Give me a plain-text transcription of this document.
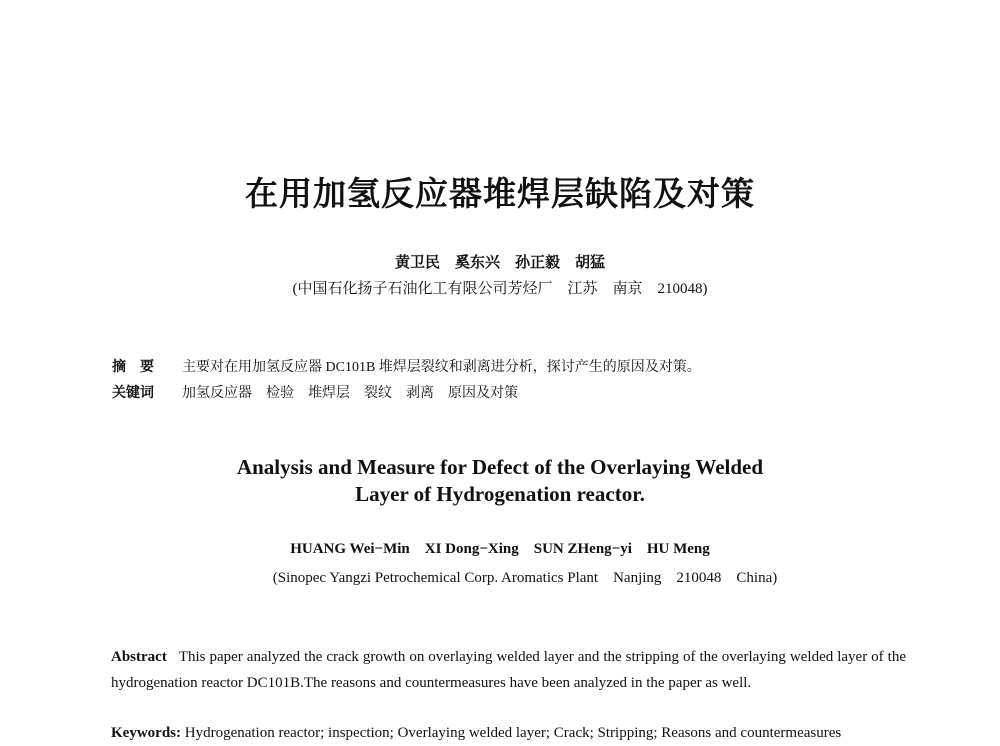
在用加氢反应器堆焊层缺陷及对策
黄卫民　奚东兴　孙正毅　胡猛
(中国石化扬子石油化工有限公司芳烃厂　江苏　南京　210048)
摘　要 主要对在用加氢反应器 DC101B 堆焊层裂纹和剥离进分析，探讨产生的原因及对策。
关键词 加氢反应器　检验　堆焊层　裂纹　剥离　原因及对策
Analysis and Measure for Defect of the Overlaying Welded
Layer of Hydrogenation reactor.
HUANG Wei−Min　XI Dong−Xing　SUN ZHeng−yi　HU Meng
(Sinopec Yangzi Petrochemical Corp. Aromatics Plant　Nanjing　210048　China)
Abstract This paper analyzed the crack growth on overlaying welded layer and the stripping of the overlaying welded layer of the hydrogenation reactor DC101B.The reasons and countermeasures have been analyzed in the paper as well.
Keywords: Hydrogenation reactor; inspection; Overlaying welded layer; Crack; Stripping; Reasons and countermeasures
